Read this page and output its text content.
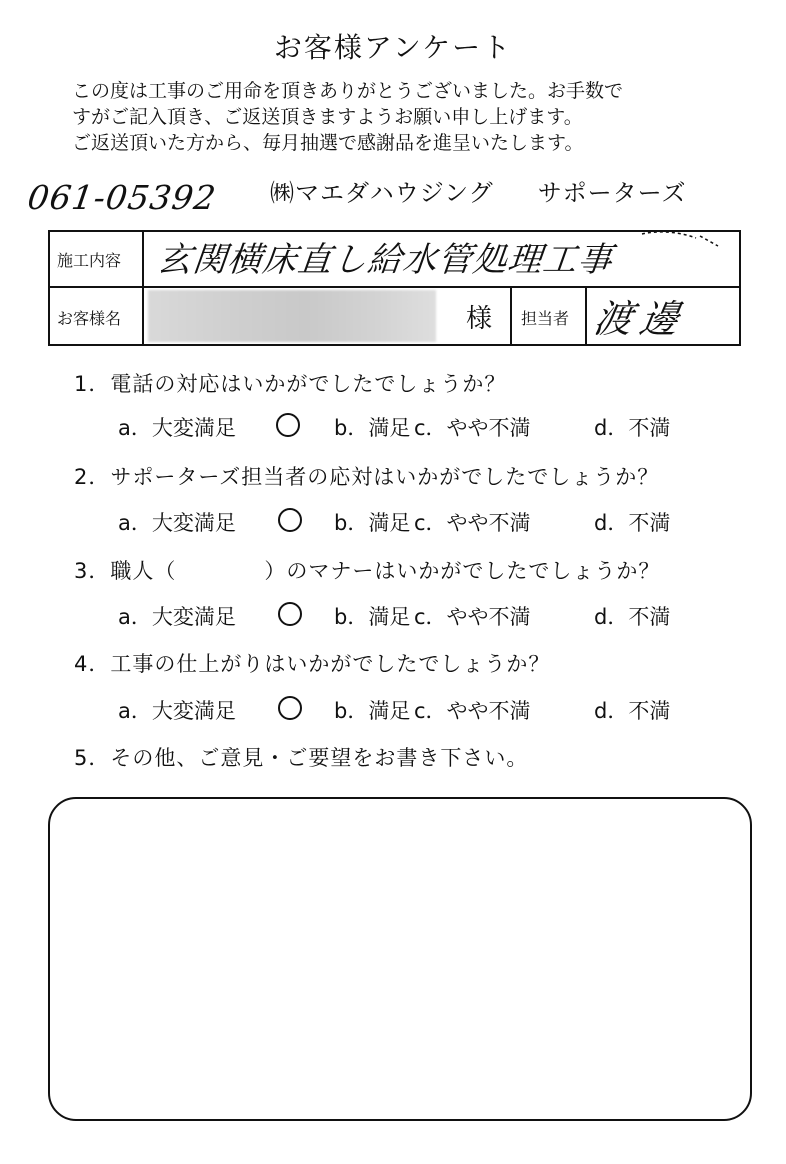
お客様アンケート
この度は工事のご用命を頂きありがとうございました。お手数で
すがご記入頂き、ご返送頂きますようお願い申し上げます。
ご返送頂いた方から、毎月抽選で感謝品を進呈いたします。
061-05392 ㈱マエダハウジング サポーターズ
施工内容 玄関横床直し給水管処理工事
お客様名	様 担当者 渡邊
1．電話の対応はいかがでしたでしょうか？
a．大変満足	b．満足 c．やや不満	d．不満
2．サポーターズ担当者の応対はいかがでしたでしょうか？
a．大変満足	b．満足 c．やや不満	d．不満
3．職人（　　　　）のマナーはいかがでしたでしょうか？
a．大変満足	b．満足 c．やや不満	d．不満
4．工事の仕上がりはいかがでしたでしょうか？
a．大変満足	b．満足 c．やや不満	d．不満
5．その他、ご意見・ご要望をお書き下さい。
